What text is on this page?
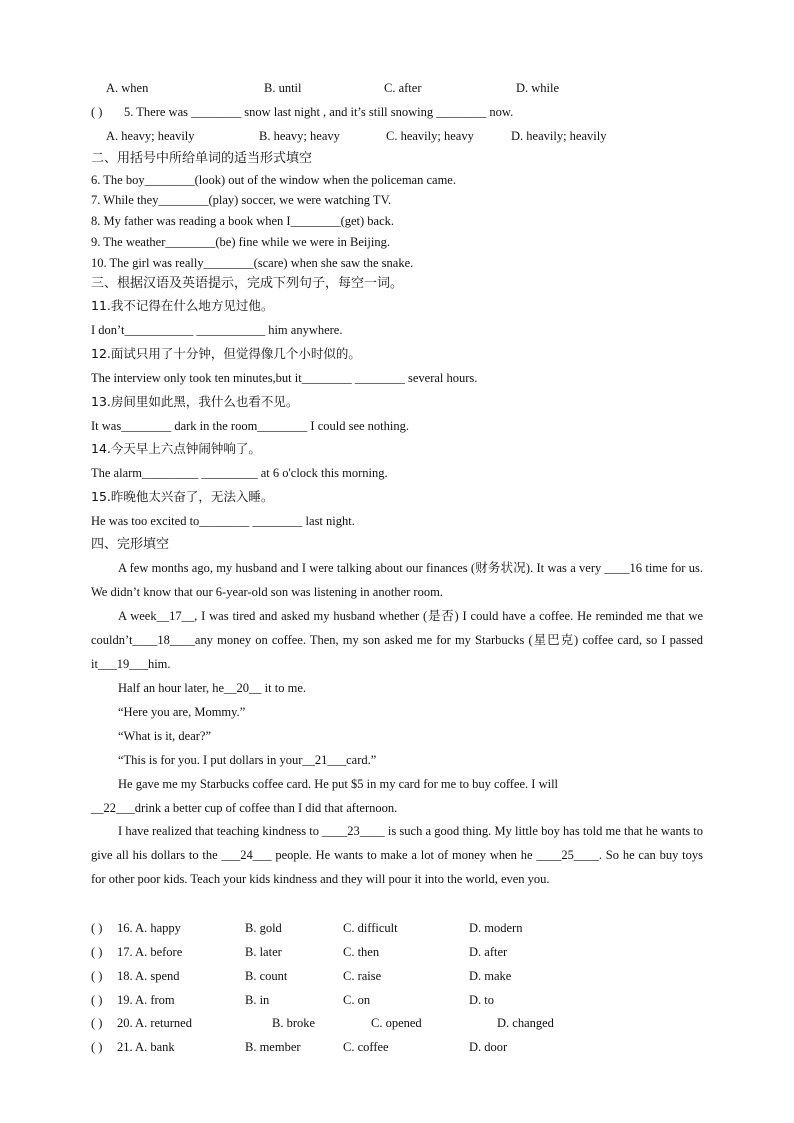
A. when	B. until	C. after	D. while
( ) 5. There was ________ snow last night , and it’s still snowing ________ now.
A. heavy; heavily	B. heavy; heavy	C. heavily; heavy	D. heavily; heavily
二、用括号中所给单词的适当形式填空
6. The boy________(look) out of the window when the policeman came.
7. While they________(play) soccer, we were watching TV.
8. My father was reading a book when I________(get) back.
9. The weather________(be) fine while we were in Beijing.
10. The girl was really________(scare) when she saw the snake.
三、根据汉语及英语提示，完成下列句子，每空一词。
11.我不记得在什么地方见过他。
I don’t___________ ___________ him anywhere.
12.面试只用了十分钟，但觉得像几个小时似的。
The interview only took ten minutes,but it________ ________ several hours.
13.房间里如此黑，我什么也看不见。
It was________ dark in the room________ I could see nothing.
14.今天早上六点钟闹钟响了。
The alarm_________ _________ at 6 o'clock this morning.
15.昨晚他太兴奋了，无法入睡。
He was too excited to________ ________ last night.
四、完形填空
A few months ago, my husband and I were talking about our finances (财务状况). It was a very ____16 time for us. We didn’t know that our 6-year-old son was listening in another room.
A week__17__, I was tired and asked my husband whether (是否) I could have a coffee. He reminded me that we couldn’t____18____any money on coffee. Then, my son asked me for my Starbucks (星巴克) coffee card, so I passed it___19___him.
Half an hour later, he__20__ it to me.
“Here you are, Mommy.”
“What is it, dear?”
“This is for you. I put dollars in your__21___card.”
He gave me my Starbucks coffee card. He put $5 in my card for me to buy coffee. I will
__22___drink a better cup of coffee than I did that afternoon.
I have realized that teaching kindness to ____23____ is such a good thing. My little boy has told me that he wants to give all his dollars to the ___24___ people. He wants to make a lot of money when he ____25____. So he can buy toys for other poor kids. Teach your kids kindness and they will pour it into the world, even you.
( ) 16. A. happy	B. gold	C. difficult	D. modern
( ) 17. A. before	B. later	C. then	D. after
( ) 18. A. spend	B. count	C. raise	D. make
( ) 19. A. from	B. in	C. on	D. to
( ) 20. A. returned	B. broke	C. opened	D. changed
( ) 21. A. bank	B. member	C. coffee	D. door
